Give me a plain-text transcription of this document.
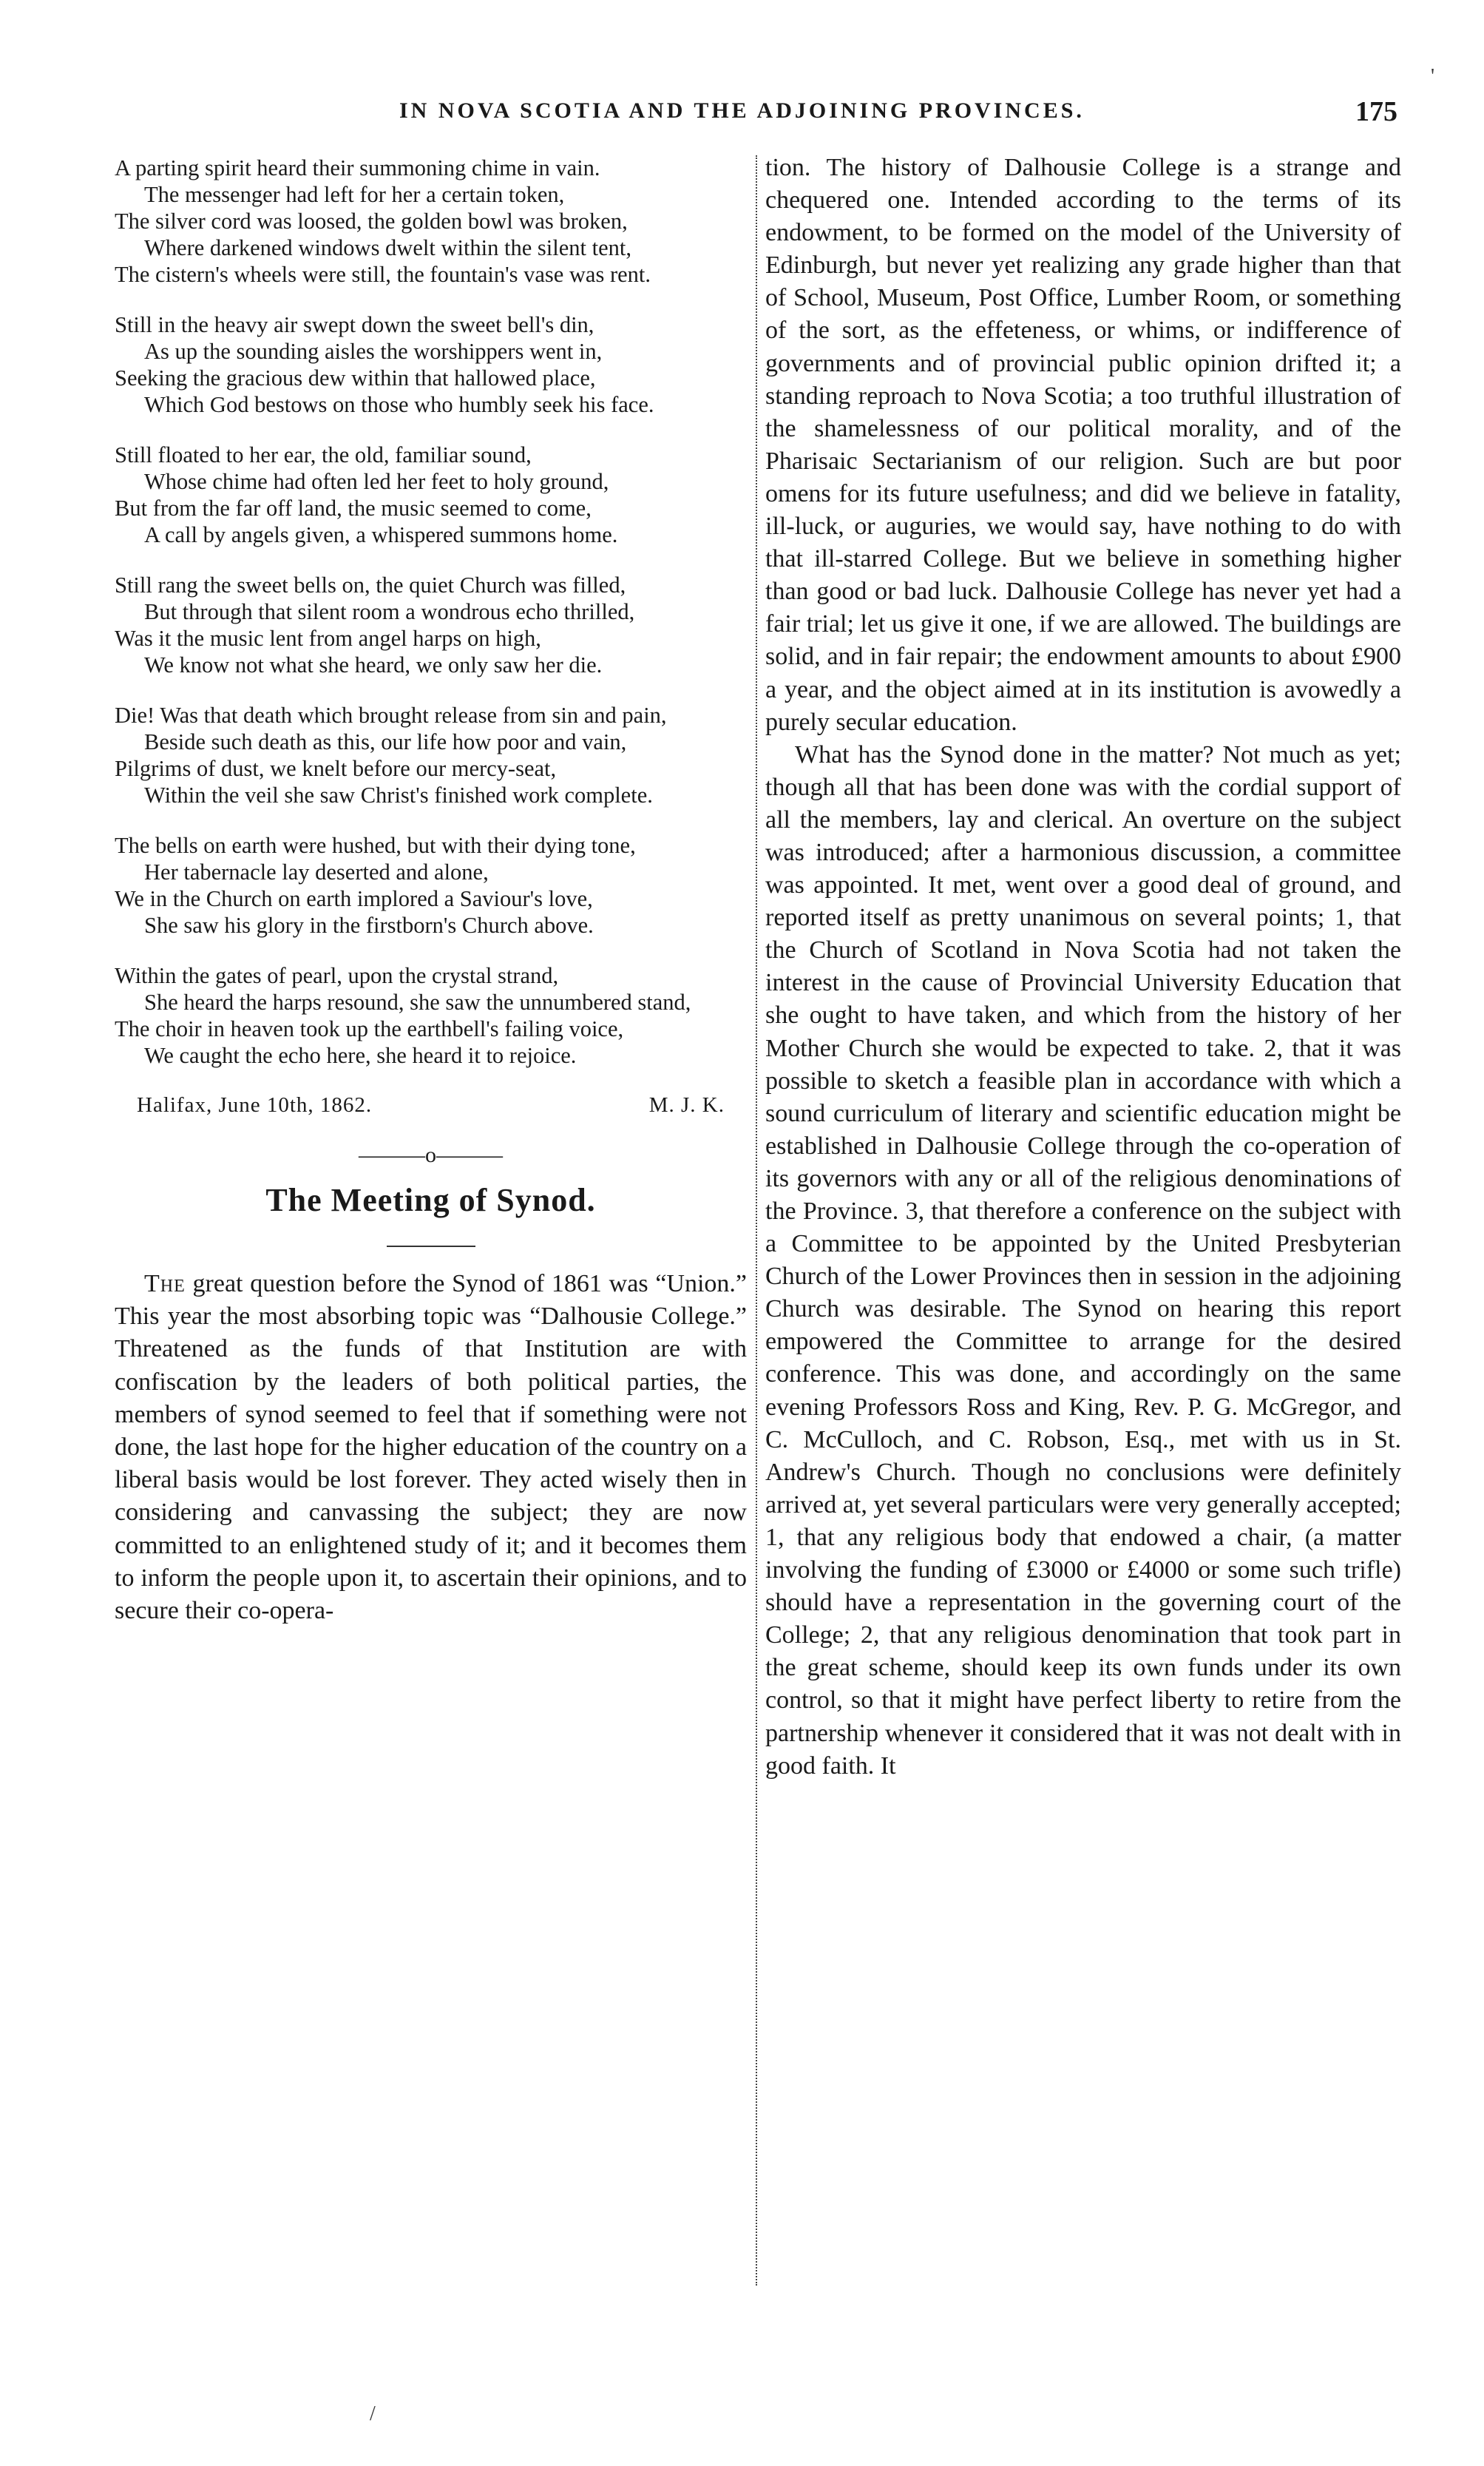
IN NOVA SCOTIA AND THE ADJOINING PROVINCES.	175
A parting spirit heard their summoning chime in vain.
The messenger had left for her a certain token,
The silver cord was loosed, the golden bowl was broken,
Where darkened windows dwelt within the silent tent,
The cistern's wheels were still, the fountain's vase was rent.
Still in the heavy air swept down the sweet bell's din,
As up the sounding aisles the worshippers went in,
Seeking the gracious dew within that hallowed place,
Which God bestows on those who humbly seek his face.
Still floated to her ear, the old, familiar sound,
Whose chime had often led her feet to holy ground,
But from the far off land, the music seemed to come,
A call by angels given, a whispered summons home.
Still rang the sweet bells on, the quiet Church was filled,
But through that silent room a wondrous echo thrilled,
Was it the music lent from angel harps on high,
We know not what she heard, we only saw her die.
Die! Was that death which brought release from sin and pain,
Beside such death as this, our life how poor and vain,
Pilgrims of dust, we knelt before our mercy-seat,
Within the veil she saw Christ's finished work complete.
The bells on earth were hushed, but with their dying tone,
Her tabernacle lay deserted and alone,
We in the Church on earth implored a Saviour's love,
She saw his glory in the firstborn's Church above.
Within the gates of pearl, upon the crystal strand,
She heard the harps resound, she saw the unnumbered stand,
The choir in heaven took up the earthbell's failing voice,
We caught the echo here, she heard it to rejoice.
Halifax, June 10th, 1862.	M. J. K.
———o———
The Meeting of Synod.

The great question before the Synod of 1861 was “Union.” This year the most absorbing topic was “Dalhousie College.” Threatened as the funds of that Institution are with confiscation by the leaders of both political parties, the members of synod seemed to feel that if something were not done, the last hope for the higher education of the country on a liberal basis would be lost forever. They acted wisely then in considering and canvassing the subject; they are now committed to an enlightened study of it; and it becomes them to inform the people upon it, to ascertain their opinions, and to secure their co-opera-

tion. The history of Dalhousie College is a strange and chequered one. Intended according to the terms of its endowment, to be formed on the model of the University of Edinburgh, but never yet realizing any grade higher than that of School, Museum, Post Office, Lumber Room, or something of the sort, as the effeteness, or whims, or indifference of governments and of provincial public opinion drifted it; a standing reproach to Nova Scotia; a too truthful illustration of the shamelessness of our political morality, and of the Pharisaic Sectarianism of our religion. Such are but poor omens for its future usefulness; and did we believe in fatality, ill-luck, or auguries, we would say, have nothing to do with that ill-starred College. But we believe in something higher than good or bad luck. Dalhousie College has never yet had a fair trial; let us give it one, if we are allowed. The buildings are solid, and in fair repair; the endowment amounts to about £900 a year, and the object aimed at in its institution is avowedly a purely secular education.

What has the Synod done in the matter? Not much as yet; though all that has been done was with the cordial support of all the members, lay and clerical. An overture on the subject was introduced; after a harmonious discussion, a committee was appointed. It met, went over a good deal of ground, and reported itself as pretty unanimous on several points; 1, that the Church of Scotland in Nova Scotia had not taken the interest in the cause of Provincial University Education that she ought to have taken, and which from the history of her Mother Church she would be expected to take. 2, that it was possible to sketch a feasible plan in accordance with which a sound curriculum of literary and scientific education might be established in Dalhousie College through the co-operation of its governors with any or all of the religious denominations of the Province. 3, that therefore a conference on the subject with a Committee to be appointed by the United Presbyterian Church of the Lower Provinces then in session in the adjoining Church was desirable. The Synod on hearing this report empowered the Committee to arrange for the desired conference. This was done, and accordingly on the same evening Professors Ross and King, Rev. P. G. McGregor, and C. McCulloch, and C. Robson, Esq., met with us in St. Andrew's Church. Though no conclusions were definitely arrived at, yet several particulars were very generally accepted; 1, that any religious body that endowed a chair, (a matter involving the funding of £3000 or £4000 or some such trifle) should have a representation in the governing court of the College; 2, that any religious denomination that took part in the great scheme, should keep its own funds under its own control, so that it might have perfect liberty to retire from the partnership whenever it considered that it was not dealt with in good faith. It

'
/
